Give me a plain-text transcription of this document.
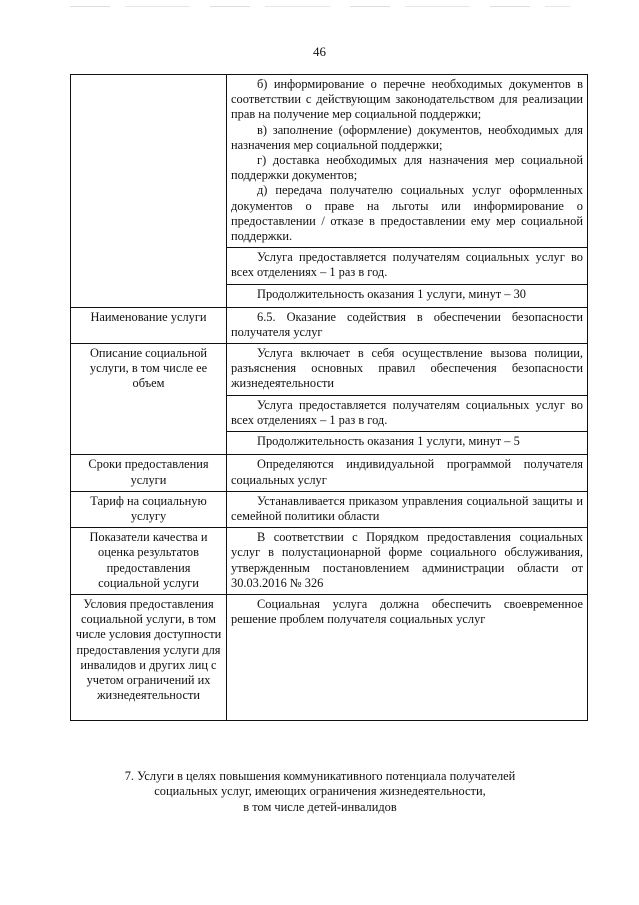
46

	б) информирование о перечне необходимых документов в соответствии с действующим законодательством для реализации прав на получение мер социальной поддержки;
в) заполнение (оформление) документов, необходимых для назначения мер социальной поддержки;
г) доставка необходимых для назначения мер социальной поддержки документов;
д) передача получателю социальных услуг оформленных документов о праве на льготы или информирование о предоставлении / отказе в предоставлении ему мер социальной поддержки.

	Услуга предоставляется получателям социальных услуг во всех отделениях – 1 раз в год.

	Продолжительность оказания 1 услуги, минут – 30

Наименование услуги	6.5. Оказание содействия в обеспечении безопасности получателя услуг

Описание социальной услуги, в том числе ее объем	Услуга включает в себя осуществление вызова полиции, разъяснения основных правил обеспечения безопасности жизнедеятельности

	Услуга предоставляется получателям социальных услуг во всех отделениях – 1 раз в год.

	Продолжительность оказания 1 услуги, минут – 5

Сроки предоставления услуги	Определяются индивидуальной программой получателя социальных услуг

Тариф на социальную услугу	Устанавливается приказом управления социальной защиты и семейной политики области

Показатели качества и оценка результатов предоставления социальной услуги	В соответствии с Порядком предоставления социальных услуг в полустационарной форме социального обслуживания, утвержденным постановлением администрации области от 30.03.2016 № 326

Условия предоставления социальной услуги, в том числе условия доступности предоставления услуги для инвалидов и других лиц с учетом ограничений их жизнедеятельности	Социальная услуга должна обеспечить своевременное решение проблем получателя социальных услуг
7. Услуги в целях повышения коммуникативного потенциала получателей
социальных услуг, имеющих ограничения жизнедеятельности,
в том числе детей-инвалидов
